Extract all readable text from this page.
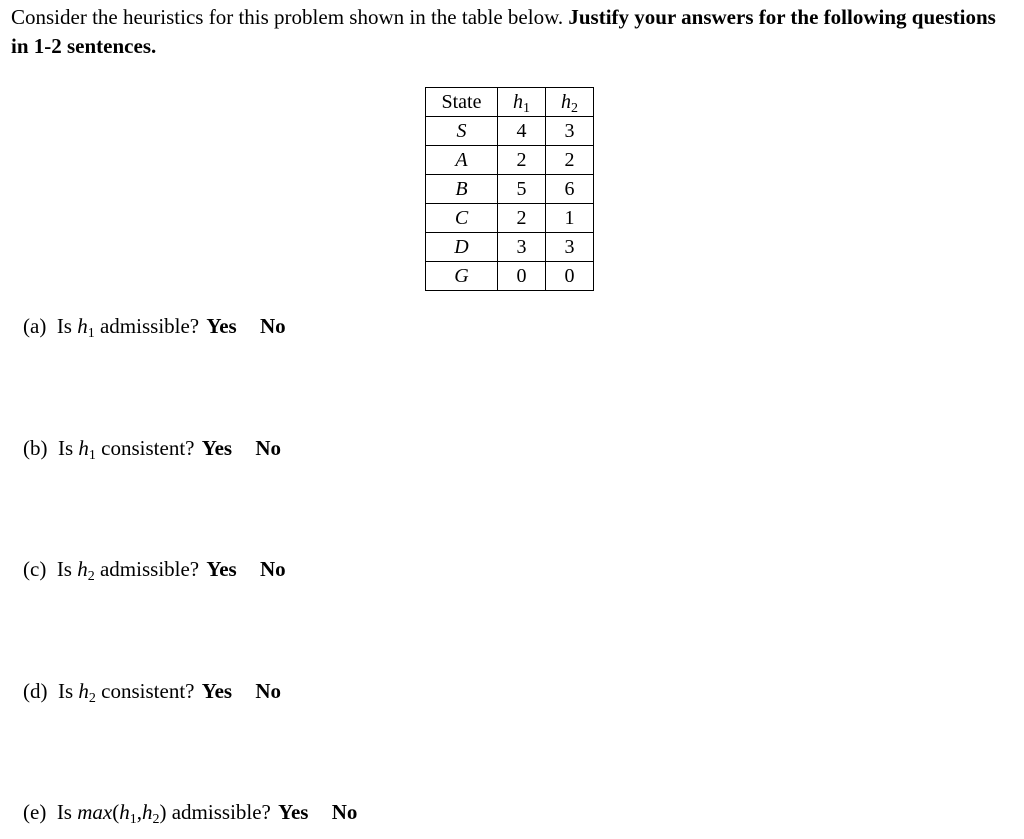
Consider the heuristics for this problem shown in the table below. Justify your answers for the following questions in 1-2 sentences.

State	$h_1$	$h_2$
S	4	3
A	2	2
B	5	6
C	2	1
D	3	3
G	0	0

(a) Is $h_1$ admissible? Yes No

(b) Is $h_1$ consistent? Yes No

(c) Is $h_2$ admissible? Yes No

(d) Is $h_2$ consistent? Yes No

(e) Is $\max(h_1,h_2)$ admissible? Yes No
